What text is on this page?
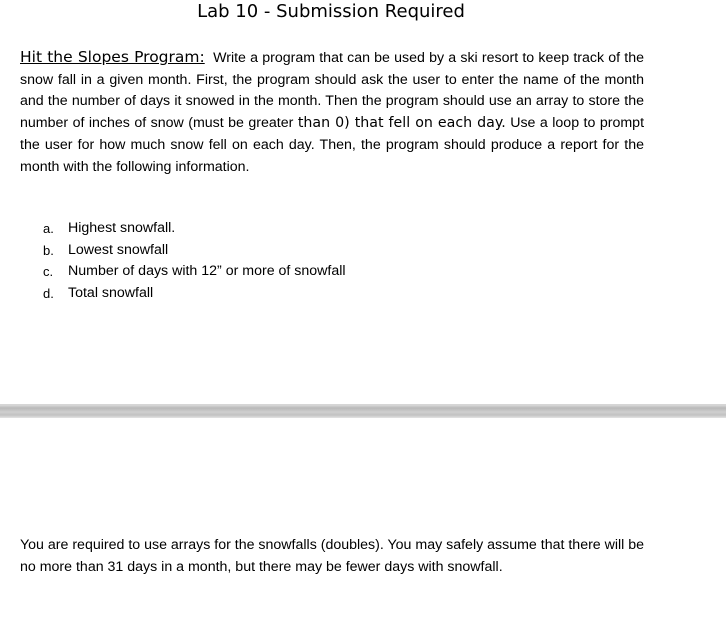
Lab 10 - Submission Required
Hit the Slopes Program: Write a program that can be used by a ski resort to keep track of the snow fall in a given month. First, the program should ask the user to enter the name of the month and the number of days it snowed in the month. Then the program should use an array to store the number of inches of snow (must be greater than 0) that fell on each day. Use a loop to prompt the user for how much snow fell on each day. Then, the program should produce a report for the month with the following information.
a. Highest snowfall.
b. Lowest snowfall
c.	Number of days with 12” or more of snowfall
d. Total snowfall
You are required to use arrays for the snowfalls (doubles). You may safely assume that there will be no more than 31 days in a month, but there may be fewer days with snowfall.
